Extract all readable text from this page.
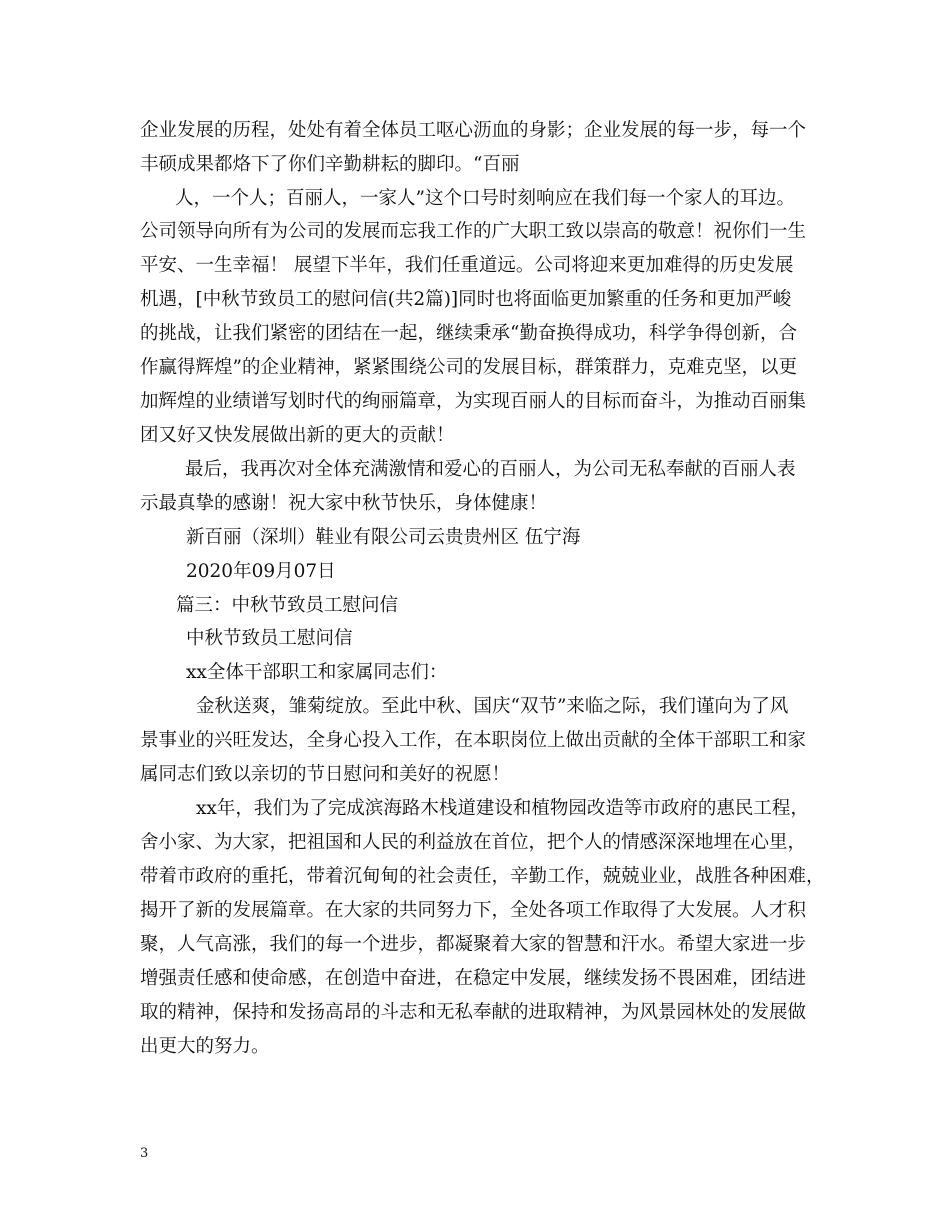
企业发展的历程，处处有着全体员工呕心沥血的身影；企业发展的每一步，每一个
丰硕成果都烙下了你们辛勤耕耘的脚印。“百丽
人，一个人；百丽人，一家人”这个口号时刻响应在我们每一个家人的耳边。
公司领导向所有为公司的发展而忘我工作的广大职工致以崇高的敬意！祝你们一生
平安、一生幸福！ 展望下半年，我们任重道远。公司将迎来更加难得的历史发展
机遇，[中秋节致员工的慰问信(共2篇)]同时也将面临更加繁重的任务和更加严峻
的挑战，让我们紧密的团结在一起，继续秉承“勤奋换得成功，科学争得创新，合
作赢得辉煌”的企业精神，紧紧围绕公司的发展目标，群策群力，克难克坚，以更
加辉煌的业绩谱写划时代的绚丽篇章，为实现百丽人的目标而奋斗，为推动百丽集
团又好又快发展做出新的更大的贡献！
最后，我再次对全体充满激情和爱心的百丽人，为公司无私奉献的百丽人表
示最真挚的感谢！祝大家中秋节快乐，身体健康！
新百丽（深圳）鞋业有限公司云贵贵州区 伍宁海
2020年09月07日
篇三：中秋节致员工慰问信
中秋节致员工慰问信
xx全体干部职工和家属同志们：
金秋送爽，雏菊绽放。至此中秋、国庆“双节”来临之际，我们谨向为了风
景事业的兴旺发达，全身心投入工作，在本职岗位上做出贡献的全体干部职工和家
属同志们致以亲切的节日慰问和美好的祝愿！
xx年，我们为了完成滨海路木栈道建设和植物园改造等市政府的惠民工程，
舍小家、为大家，把祖国和人民的利益放在首位，把个人的情感深深地埋在心里，
带着市政府的重托，带着沉甸甸的社会责任，辛勤工作，兢兢业业，战胜各种困难，
揭开了新的发展篇章。在大家的共同努力下，全处各项工作取得了大发展。人才积
聚，人气高涨，我们的每一个进步，都凝聚着大家的智慧和汗水。希望大家进一步
增强责任感和使命感，在创造中奋进，在稳定中发展，继续发扬不畏困难，团结进
取的精神，保持和发扬高昂的斗志和无私奉献的进取精神，为风景园林处的发展做
出更大的努力。
3
